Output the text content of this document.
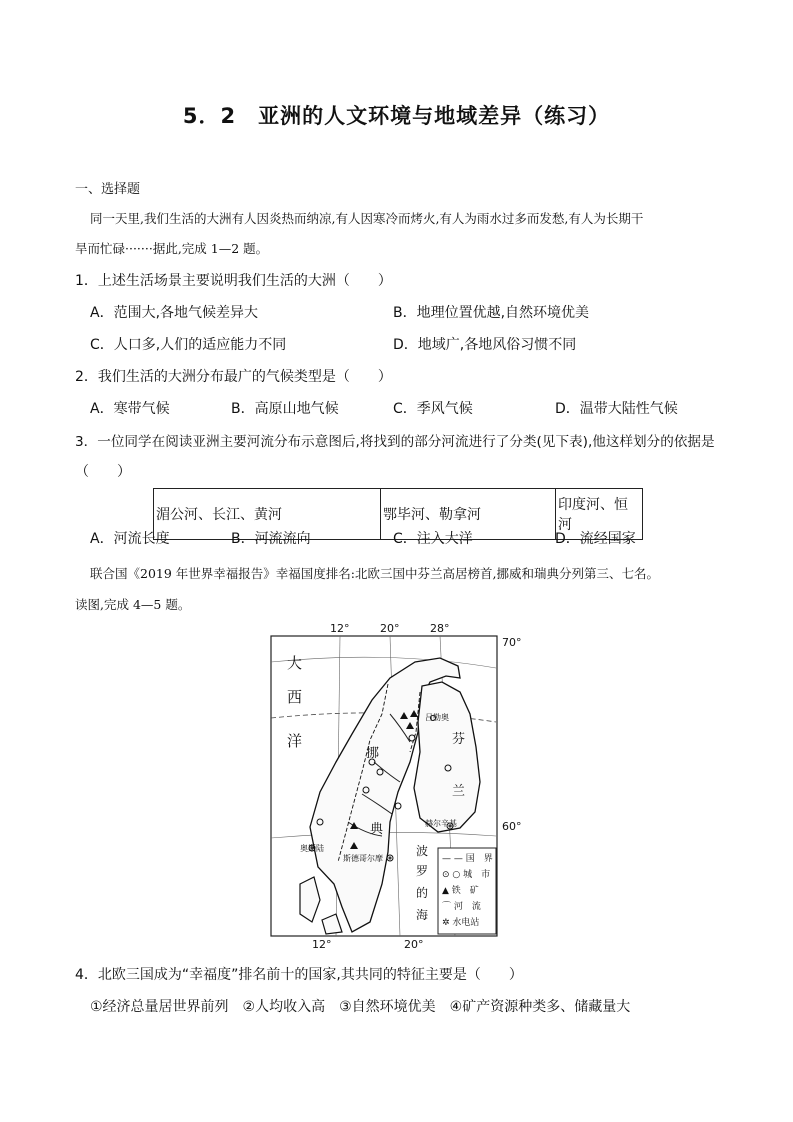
5．2　亚洲的人文环境与地域差异（练习）
一、选择题
同一天里,我们生活的大洲有人因炎热而纳凉,有人因寒冷而烤火,有人为雨水过多而发愁,有人为长期干
旱而忙碌·······据此,完成 1—2 题。
1．上述生活场景主要说明我们生活的大洲（　　）
A．范围大,各地气候差异大	B．地理位置优越,自然环境优美
C．人口多,人们的适应能力不同	D．地域广,各地风俗习惯不同
2．我们生活的大洲分布最广的气候类型是（　　）
A．寒带气候	B．高原山地气候	C．季风气候	D．温带大陆性气候
3．一位同学在阅读亚洲主要河流分布示意图后,将找到的部分河流进行了分类(见下表),他这样划分的依据是
（　　）
湄公河、长江、黄河	鄂毕河、勒拿河	印度河、恒河
A．河流长度	B．河流流向	C．注入大洋	D．流经国家
联合国《2019 年世界幸福报告》幸福国度排名:北欧三国中芬兰高居榜首,挪威和瑞典分列第三、七名。
读图,完成 4—5 题。
12°	20°	28°
70°
60°
12°	20°
大
西
洋
挪
典
芬
兰
波
罗
的
海
吕勒奥
赫尔辛基
奥斯陆
斯德哥尔摩	— — 国　界
⊙ ○ 城　市
▲ 铁　矿
⌒ 河　流
✲ 水电站
4．北欧三国成为“幸福度”排名前十的国家,其共同的特征主要是（　　）
①经济总量居世界前列　②人均收入高　③自然环境优美　④矿产资源种类多、储藏量大
